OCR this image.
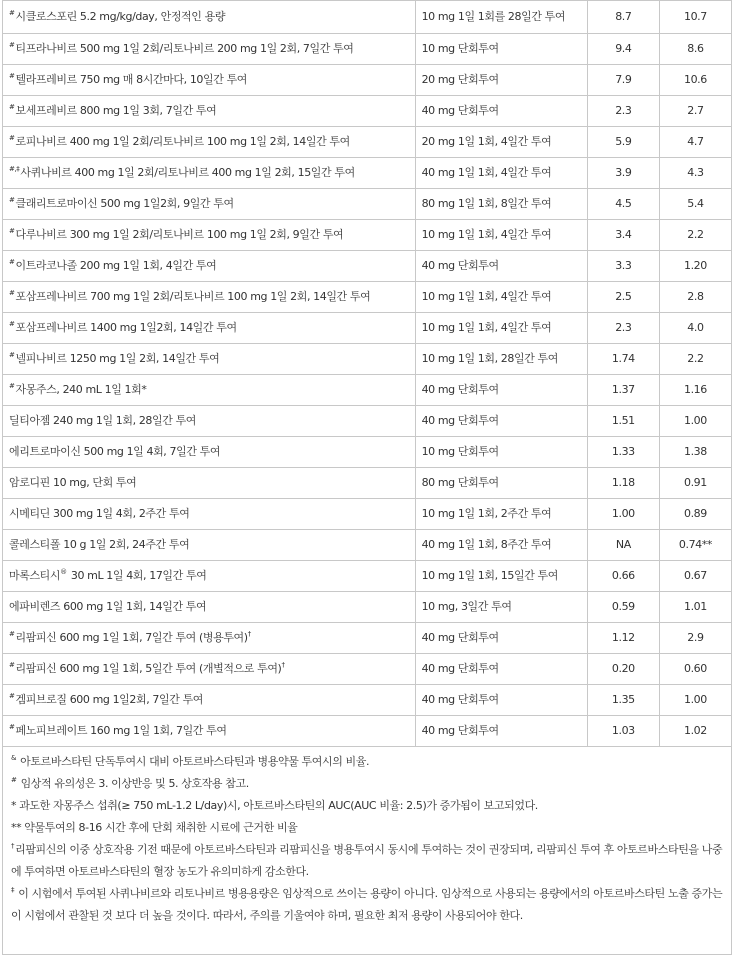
#시클로스포린 5.2 mg/kg/day, 안정적인 용량	10 mg 1일 1회를 28일간 투여	8.7	10.7
#티프라나비르 500 mg 1일 2회/리토나비르 200 mg 1일 2회, 7일간 투여	10 mg 단회투여	9.4	8.6
#텔라프레비르 750 mg 매 8시간마다, 10일간 투여	20 mg 단회투여	7.9	10.6
#보세프레비르 800 mg 1일 3회, 7일간 투여	40 mg 단회투여	2.3	2.7
#로피나비르 400 mg 1일 2회/리토나비르 100 mg 1일 2회, 14일간 투여	20 mg 1일 1회, 4일간 투여	5.9	4.7
#,‡사퀴나비르 400 mg 1일 2회/리토나비르 400 mg 1일 2회, 15일간 투여	40 mg 1일 1회, 4일간 투여	3.9	4.3
#클래리트로마이신 500 mg 1일2회, 9일간 투여	80 mg 1일 1회, 8일간 투여	4.5	5.4
#다루나비르 300 mg 1일 2회/리토나비르 100 mg 1일 2회, 9일간 투여	10 mg 1일 1회, 4일간 투여	3.4	2.2
#이트라코나졸 200 mg 1일 1회, 4일간 투여	40 mg 단회투여	3.3	1.20
#포삼프레나비르 700 mg 1일 2회/리토나비르 100 mg 1일 2회, 14일간 투여	10 mg 1일 1회, 4일간 투여	2.5	2.8
#포삼프레나비르 1400 mg 1일2회, 14일간 투여	10 mg 1일 1회, 4일간 투여	2.3	4.0
#넬피나비르 1250 mg 1일 2회, 14일간 투여	10 mg 1일 1회, 28일간 투여	1.74	2.2
#자몽주스, 240 mL 1일 1회*	40 mg 단회투여	1.37	1.16
딜티아젬 240 mg 1일 1회, 28일간 투여	40 mg 단회투여	1.51	1.00
에리트로마이신 500 mg 1일 4회, 7일간 투여	10 mg 단회투여	1.33	1.38
암로디핀 10 mg, 단회 투여	80 mg 단회투여	1.18	0.91
시메티딘 300 mg 1일 4회, 2주간 투여	10 mg 1일 1회, 2주간 투여	1.00	0.89
콜레스티폴 10 g 1일 2회, 24주간 투여	40 mg 1일 1회, 8주간 투여	NA	0.74**
마록스티시® 30 mL 1일 4회, 17일간 투여	10 mg 1일 1회, 15일간 투여	0.66	0.67
에파비렌즈 600 mg 1일 1회, 14일간 투여	10 mg, 3일간 투여	0.59	1.01
#리팜피신 600 mg 1일 1회, 7일간 투여 (병용투여)†	40 mg 단회투여	1.12	2.9
#리팜피신 600 mg 1일 1회, 5일간 투여 (개별적으로 투여)†	40 mg 단회투여	0.20	0.60
#겜피브로질 600 mg 1일2회, 7일간 투여	40 mg 단회투여	1.35	1.00
#페노피브레이트 160 mg 1일 1회, 7일간 투여	40 mg 단회투여	1.03	1.02

& 아토르바스타틴 단독투여시 대비 아토르바스타틴과 병용약물 투여시의 비율.

# 임상적 유의성은 3. 이상반응 및 5. 상호작용 참고.

* 과도한 자몽주스 섭취(≥ 750 mL-1.2 L/day)시, 아토르바스타틴의 AUC(AUC 비율: 2.5)가 증가됨이 보고되었다.

** 약물투여의 8-16 시간 후에 단회 채취한 시료에 근거한 비율

†리팜피신의 이중 상호작용 기전 때문에 아토르바스타틴과 리팜피신을 병용투여시 동시에 투여하는 것이 권장되며, 리팜피신 투여 후 아토르바스타틴을 나중에 투여하면 아토르바스타틴의 혈장 농도가 유의미하게 감소한다.

‡ 이 시험에서 투여된 사퀴나비르와 리토나비르 병용용량은 임상적으로 쓰이는 용량이 아니다. 임상적으로 사용되는 용량에서의 아토르바스타틴 노출 증가는 이 시험에서 관찰된 것 보다 더 높을 것이다. 따라서, 주의를 기울여야 하며, 필요한 최저 용량이 사용되어야 한다.
